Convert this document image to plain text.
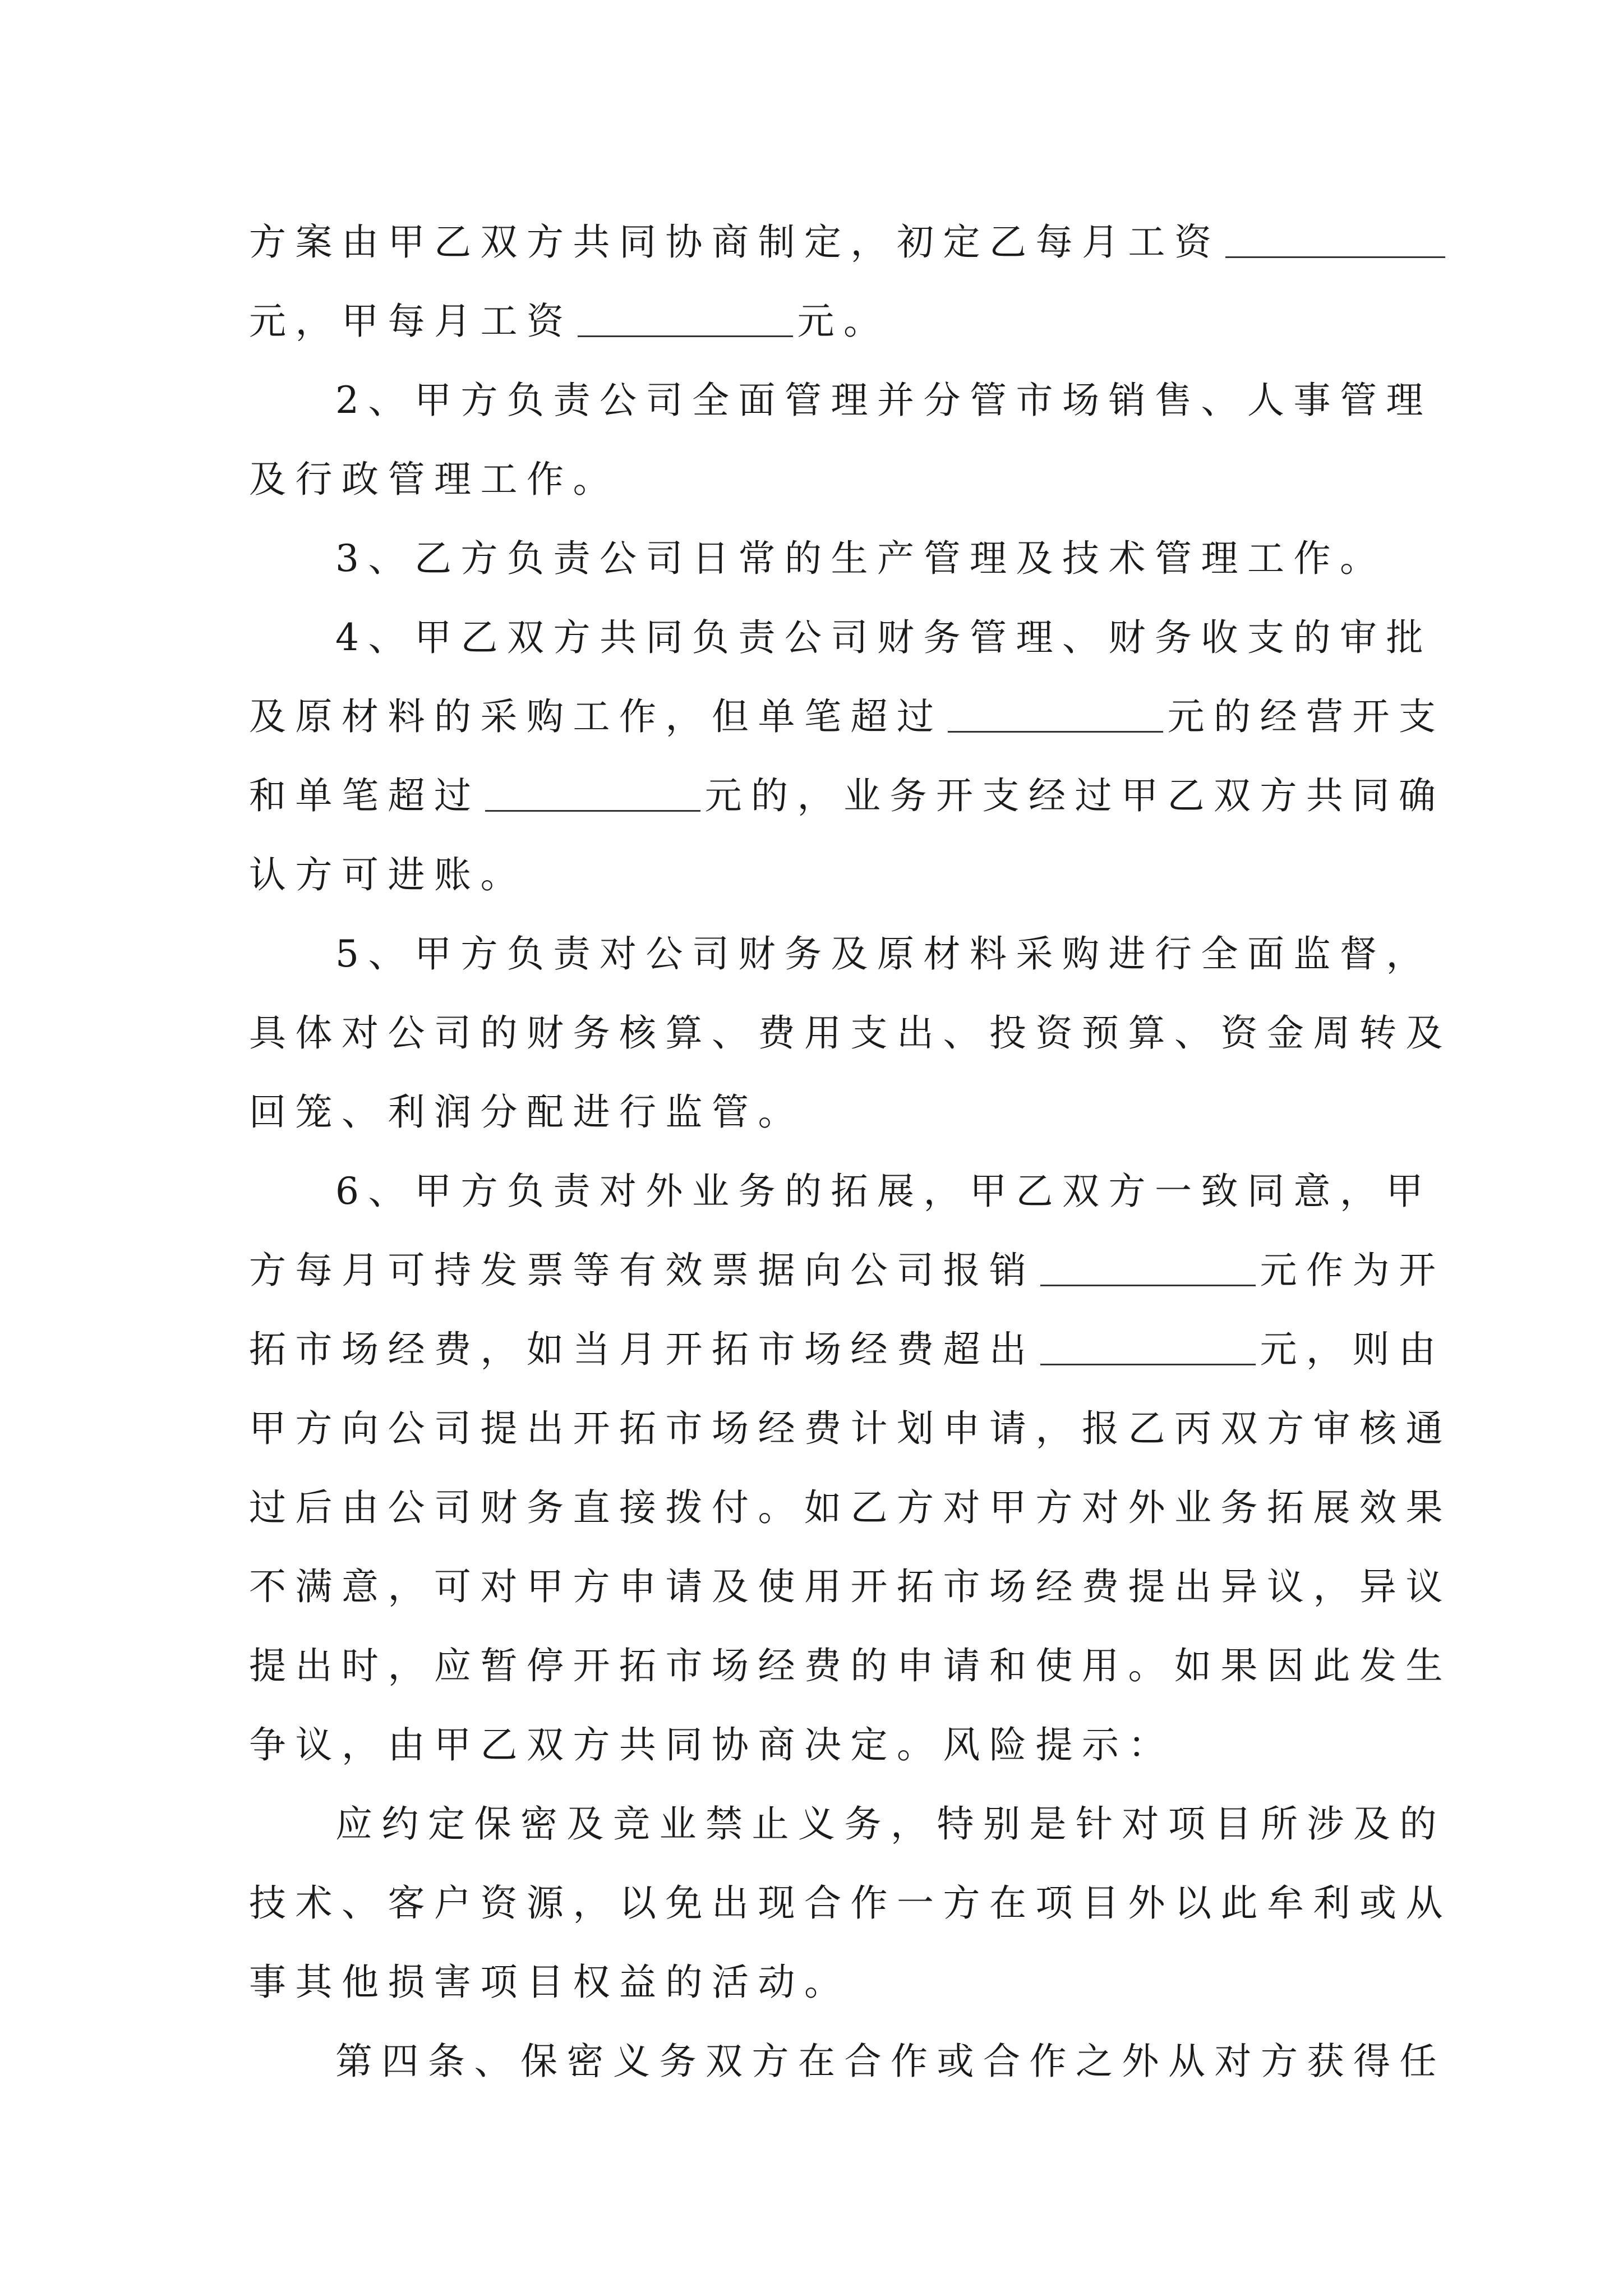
方案由甲乙双方共同协商制定，初定乙每月工资
元，甲每月工资	元。
2、甲方负责公司全面管理并分管市场销售、人事管理
及行政管理工作。
3、乙方负责公司日常的生产管理及技术管理工作。
4、甲乙双方共同负责公司财务管理、财务收支的审批
及原材料的采购工作，但单笔超过	元的经营开支
和单笔超过	元的，业务开支经过甲乙双方共同确
认方可进账。
5、甲方负责对公司财务及原材料采购进行全面监督，
具体对公司的财务核算、费用支出、投资预算、资金周转及
回笼、利润分配进行监管。
6、甲方负责对外业务的拓展，甲乙双方一致同意，甲
方每月可持发票等有效票据向公司报销	元作为开
拓市场经费，如当月开拓市场经费超出	元，则由
甲方向公司提出开拓市场经费计划申请，报乙丙双方审核通
过后由公司财务直接拨付。如乙方对甲方对外业务拓展效果
不满意，可对甲方申请及使用开拓市场经费提出异议，异议
提出时，应暂停开拓市场经费的申请和使用。如果因此发生
争议，由甲乙双方共同协商决定。风险提示：
应约定保密及竞业禁止义务，特别是针对项目所涉及的
技术、客户资源，以免出现合作一方在项目外以此牟利或从
事其他损害项目权益的活动。
第四条、保密义务双方在合作或合作之外从对方获得任
